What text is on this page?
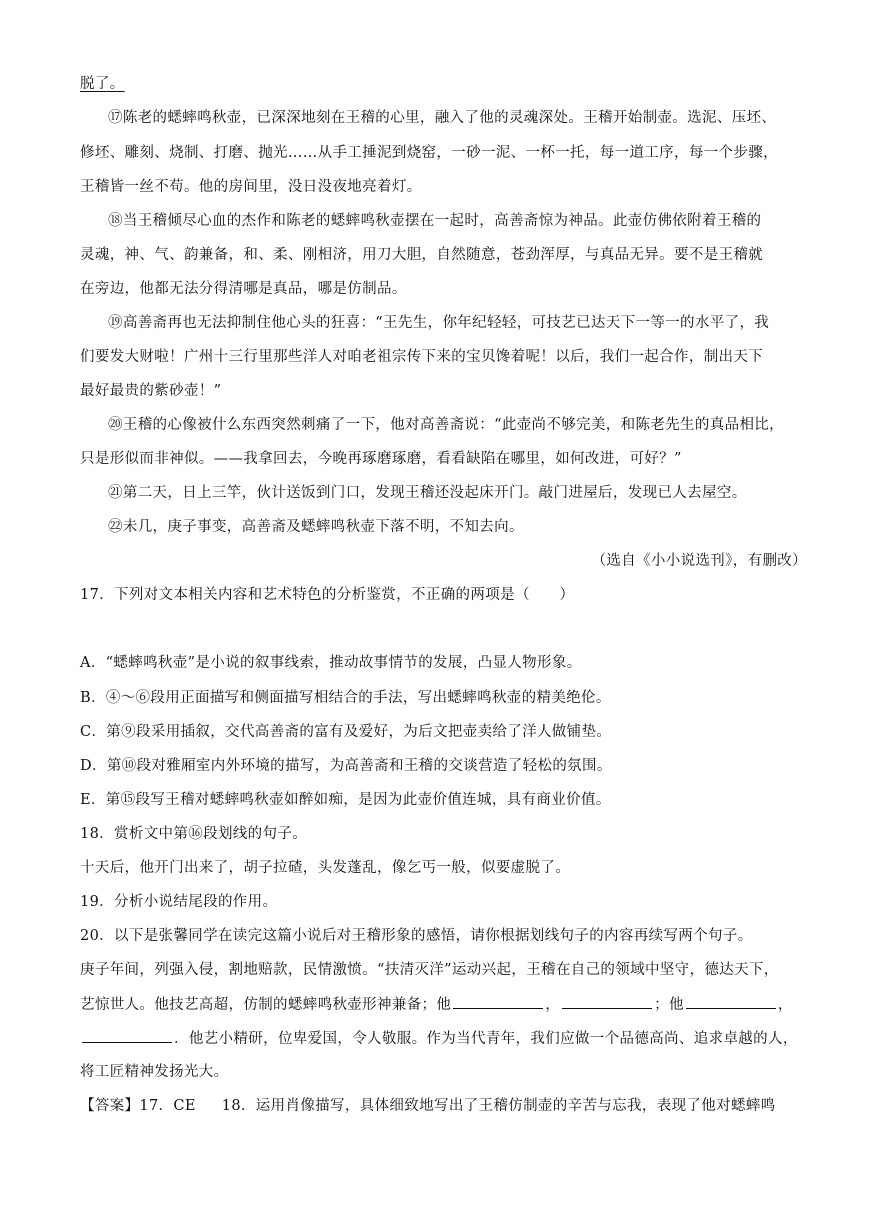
脱了。
⑰陈老的蟋蟀鸣秋壶，已深深地刻在王稽的心里，融入了他的灵魂深处。王稽开始制壶。选泥、压坯、
修坯、雕刻、烧制、打磨、抛光……从手工捶泥到烧窑，一砂一泥、一杯一托，每一道工序，每一个步骤，
王稽皆一丝不苟。他的房间里，没日没夜地亮着灯。
⑱当王稽倾尽心血的杰作和陈老的蟋蟀鸣秋壶摆在一起时，高善斋惊为神品。此壶仿佛依附着王稽的
灵魂，神、气、韵兼备，和、柔、刚相济，用刀大胆，自然随意，苍劲浑厚，与真品无异。要不是王稽就
在旁边，他都无法分得清哪是真品，哪是仿制品。
⑲高善斋再也无法抑制住他心头的狂喜：“王先生，你年纪轻轻，可技艺已达天下一等一的水平了，我
们要发大财啦！广州十三行里那些洋人对咱老祖宗传下来的宝贝馋着呢！以后，我们一起合作，制出天下
最好最贵的紫砂壶！”
⑳王稽的心像被什么东西突然刺痛了一下，他对高善斋说：“此壶尚不够完美，和陈老先生的真品相比，
只是形似而非神似。——我拿回去，今晚再琢磨琢磨，看看缺陷在哪里，如何改进，可好？”
㉑第二天，日上三竿，伙计送饭到门口，发现王稽还没起床开门。敲门进屋后，发现已人去屋空。
㉒未几，庚子事变，高善斋及蟋蟀鸣秋壶下落不明，不知去向。
（选自《小小说选刊》，有删改）
17．下列对文本相关内容和艺术特色的分析鉴赏，不正确的两项是（　　）
A．“蟋蟀鸣秋壶”是小说的叙事线索，推动故事情节的发展，凸显人物形象。
B．④～⑥段用正面描写和侧面描写相结合的手法，写出蟋蟀鸣秋壶的精美绝伦。
C．第⑨段采用插叙，交代高善斋的富有及爱好，为后文把壶卖给了洋人做铺垫。
D．第⑩段对雅厢室内外环境的描写，为高善斋和王稽的交谈营造了轻松的氛围。
E．第⑮段写王稽对蟋蟀鸣秋壶如醉如痴，是因为此壶价值连城，具有商业价值。
18．赏析文中第⑯段划线的句子。
十天后，他开门出来了，胡子拉碴，头发蓬乱，像乞丐一般，似要虚脱了。
19．分析小说结尾段的作用。
20．以下是张馨同学在读完这篇小说后对王稽形象的感悟，请你根据划线句子的内容再续写两个句子。
庚子年间，列强入侵，割地赔款，民情激愤。“扶清灭洋”运动兴起，王稽在自己的领域中坚守，德达天下，
艺惊世人。他技艺高超，仿制的蟋蟀鸣秋壶形神兼备；他	，	；他	，
．他艺小精研，位卑爱国，令人敬服。作为当代青年，我们应做一个品德高尚、追求卓越的人，
将工匠精神发扬光大。
【答案】17．CE 18．运用肖像描写，具体细致地写出了王稽仿制壶的辛苦与忘我，表现了他对蟋蟀鸣
